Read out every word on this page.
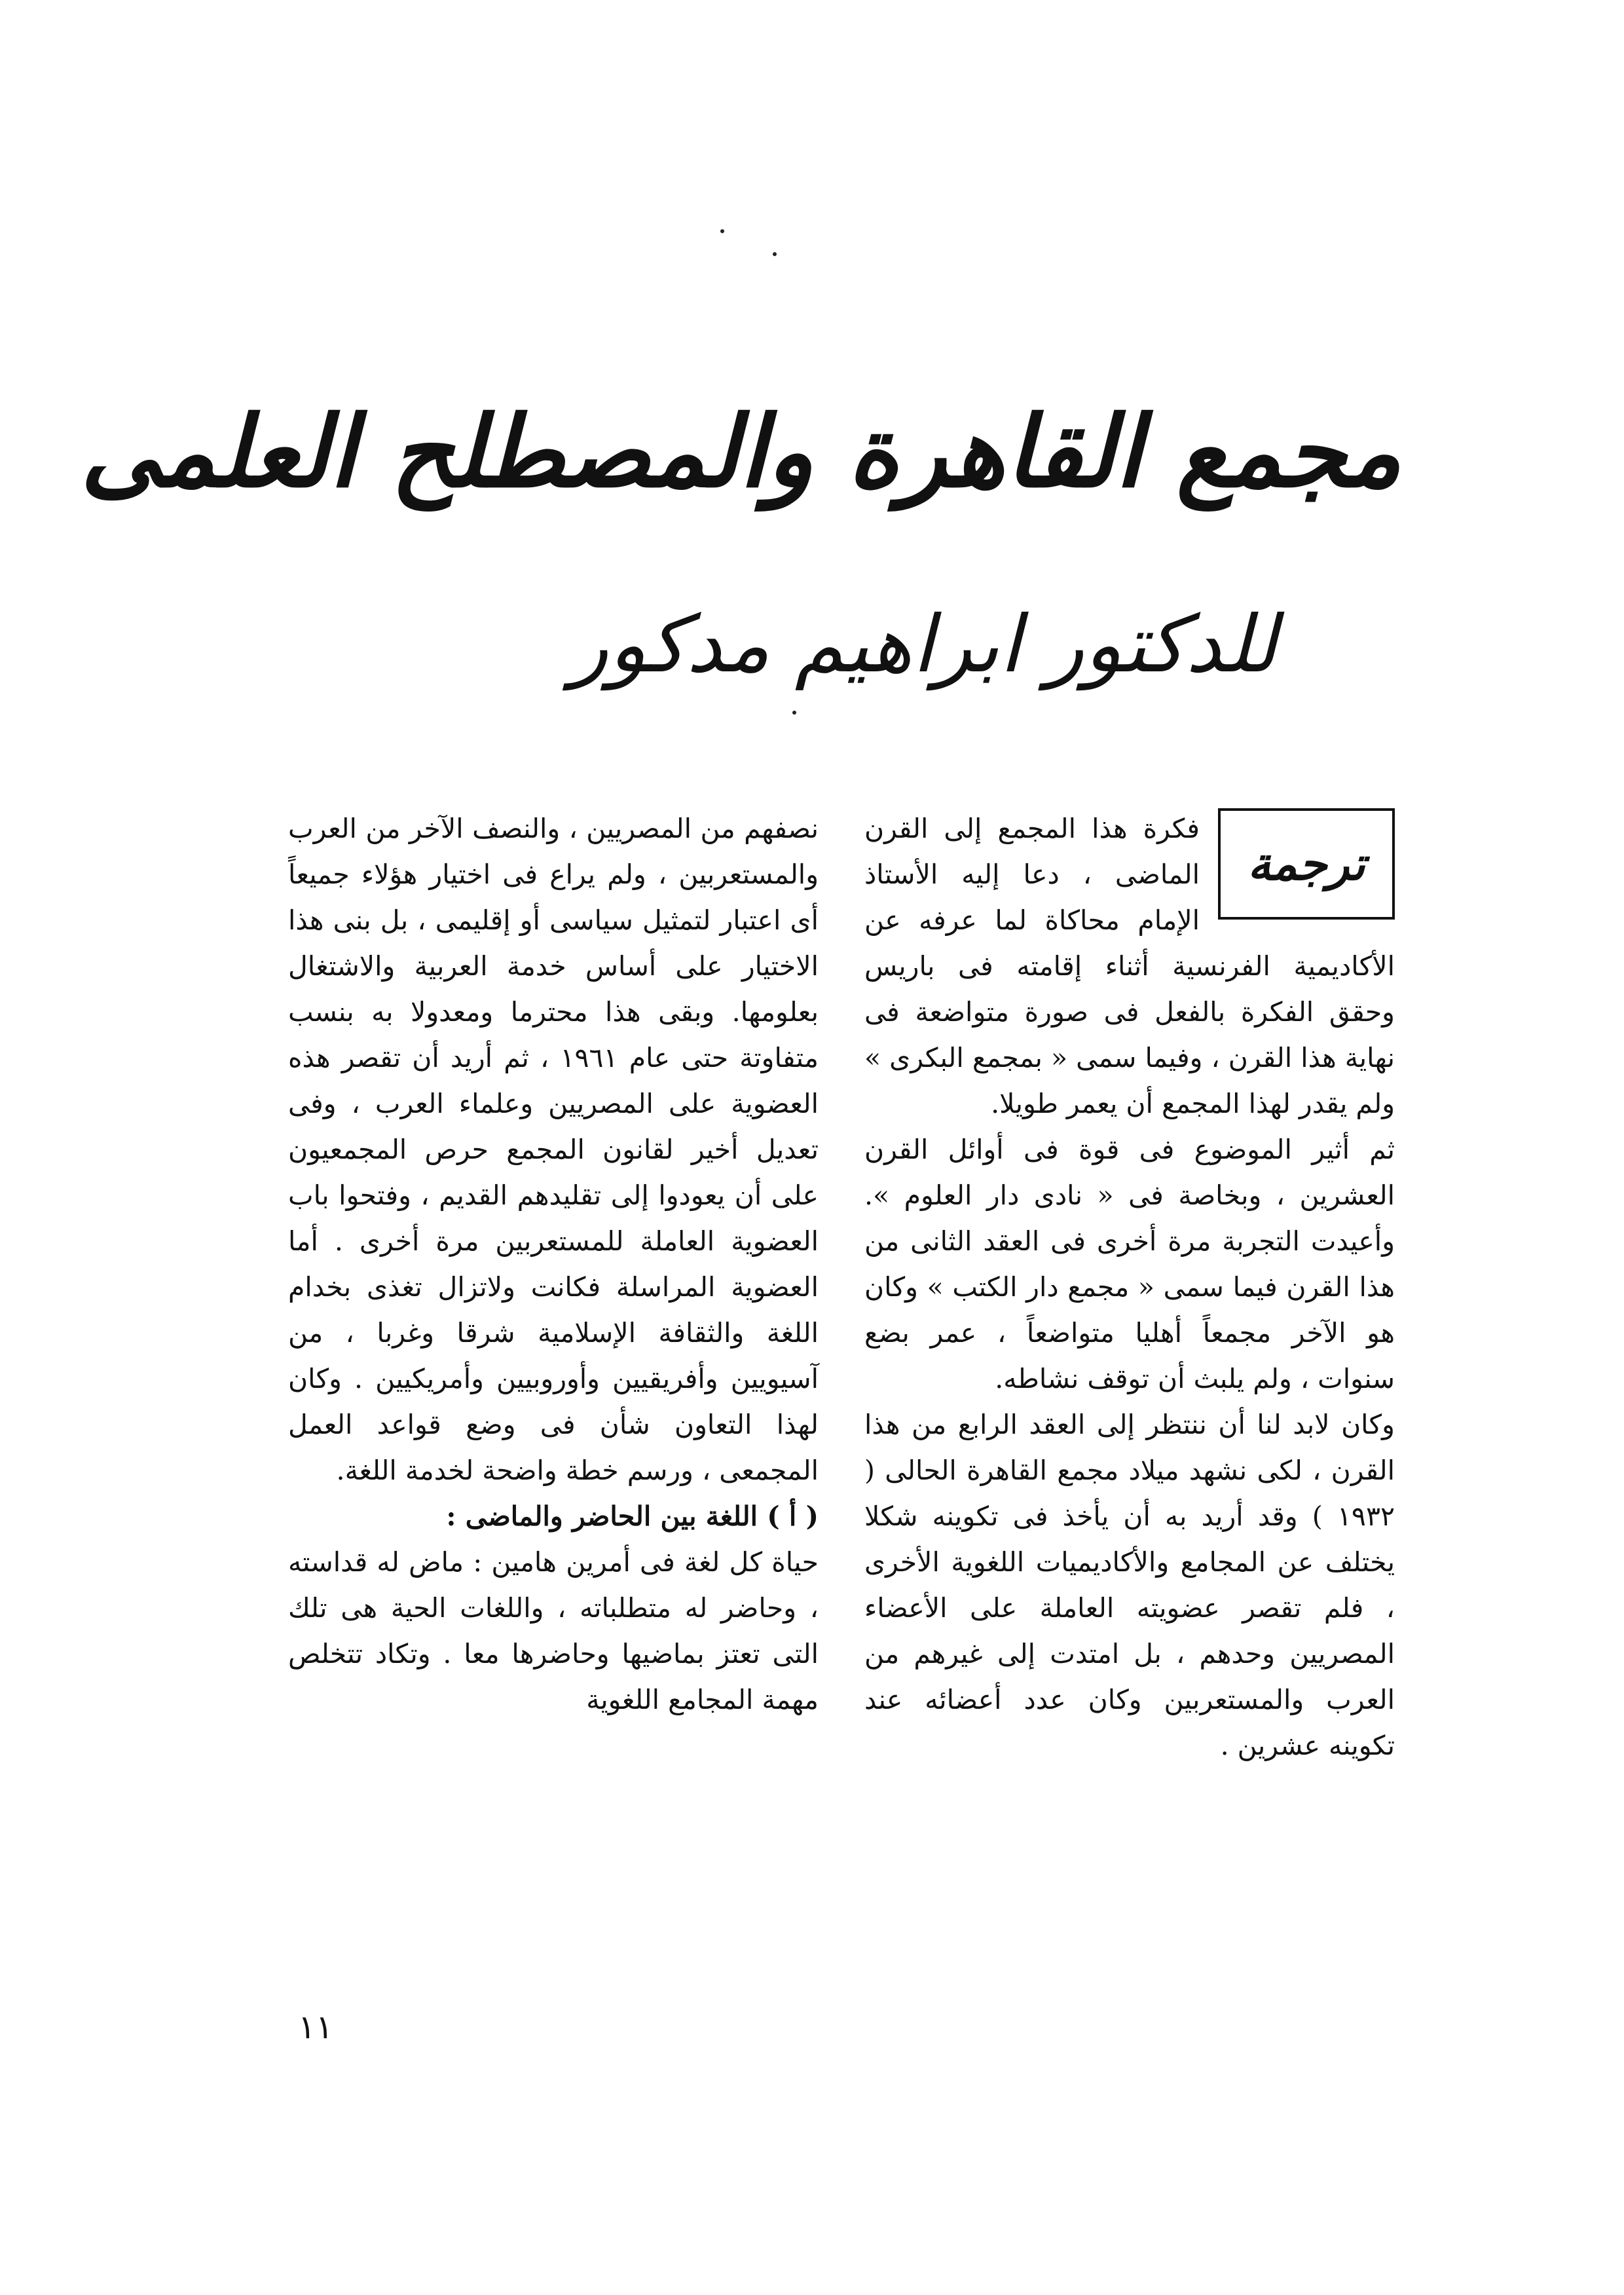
مجمع القاهرة والمصطلح العلمى
للدكتور ابراهيم مدكور
ترجمة

فكرة هذا المجمع إلى القرن الماضى ، دعا إليه الأستاذ الإمام محاكاة لما عرفه عن الأكاديمية الفرنسية أثناء إقامته فى باريس وحقق الفكرة بالفعل فى صورة متواضعة فى نهاية هذا القرن ، وفيما سمى « بمجمع البكرى » ولم يقدر لهذا المجمع أن يعمر طويلا.

ثم أثير الموضوع فى قوة فى أوائل القرن العشرين ، وبخاصة فى « نادى دار العلوم ». وأعيدت التجربة مرة أخرى فى العقد الثانى من هذا القرن فيما سمى « مجمع دار الكتب » وكان هو الآخر مجمعاً أهليا متواضعاً ، عمر بضع سنوات ، ولم يلبث أن توقف نشاطه.

وكان لابد لنا أن ننتظر إلى العقد الرابع من هذا القرن ، لكى نشهد ميلاد مجمع القاهرة الحالى ( ١٩٣٢ ) وقد أريد به أن يأخذ فى تكوينه شكلا يختلف عن المجامع والأكاديميات اللغوية الأخرى ، فلم تقصر عضويته العاملة على الأعضاء المصريين وحدهم ، بل امتدت إلى غيرهم من العرب والمستعربين وكان عدد أعضائه عند تكوينه عشرين .

نصفهم من المصريين ، والنصف الآخر من العرب والمستعربين ، ولم يراع فى اختيار هؤلاء جميعاً أى اعتبار لتمثيل سياسى أو إقليمى ، بل بنى هذا الاختيار على أساس خدمة العربية والاشتغال بعلومها. وبقى هذا محترما ومعدولا به بنسب متفاوتة حتى عام ١٩٦١ ، ثم أريد أن تقصر هذه العضوية على المصريين وعلماء العرب ، وفى تعديل أخير لقانون المجمع حرص المجمعيون على أن يعودوا إلى تقليدهم القديم ، وفتحوا باب العضوية العاملة للمستعربين مرة أخرى . أما العضوية المراسلة فكانت ولاتزال تغذى بخدام اللغة والثقافة الإسلامية شرقا وغربا ، من آسيويين وأفريقيين وأوروبيين وأمريكيين . وكان لهذا التعاون شأن فى وضع قواعد العمل المجمعى ، ورسم خطة واضحة لخدمة اللغة.

( أ ) اللغة بين الحاضر والماضى :

حياة كل لغة فى أمرين هامين : ماض له قداسته ، وحاضر له متطلباته ، واللغات الحية هى تلك التى تعتز بماضيها وحاضرها معا . وتكاد تتخلص مهمة المجامع اللغوية

١١
